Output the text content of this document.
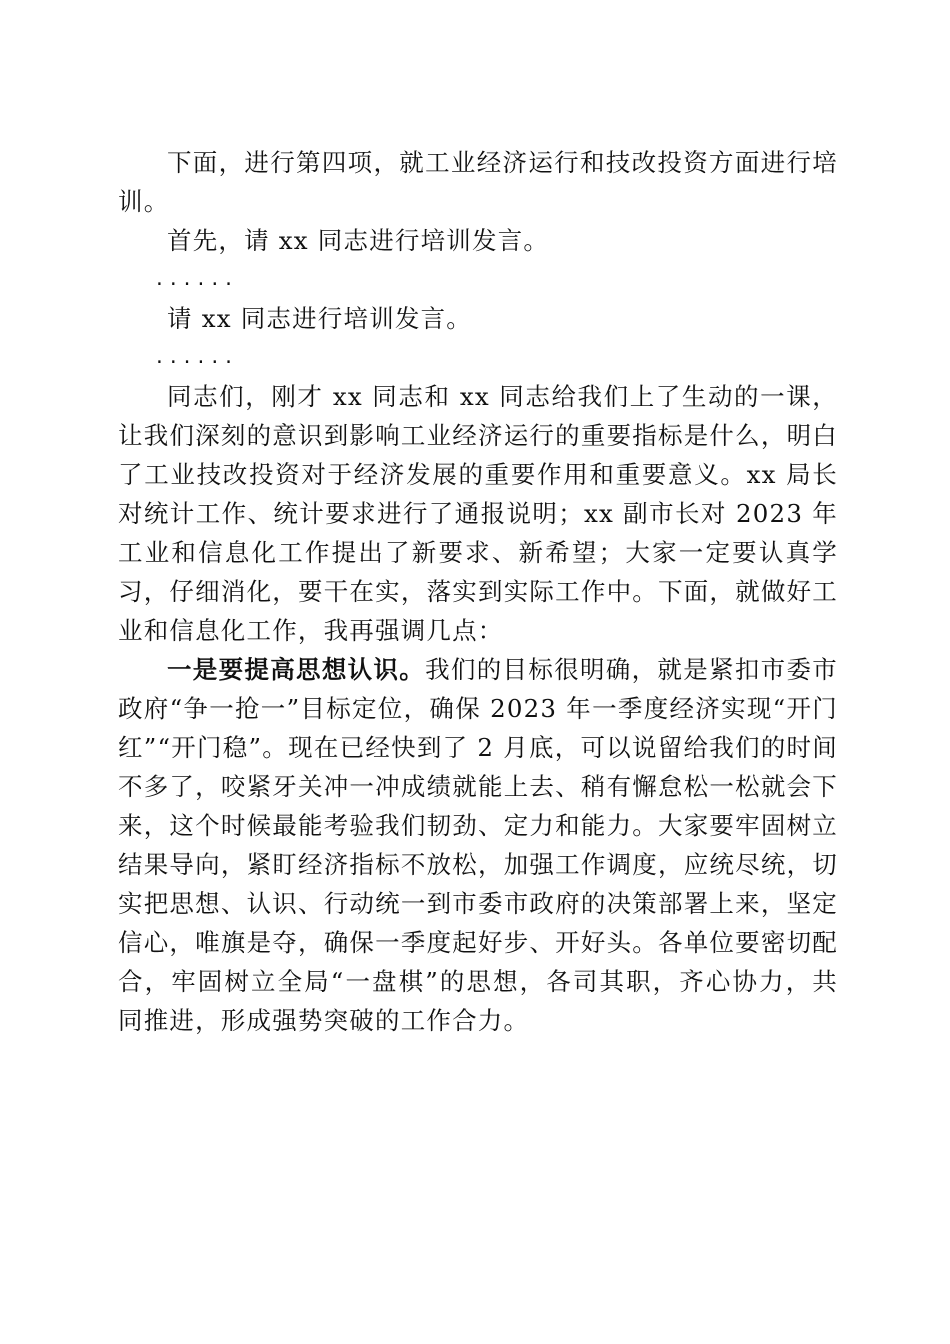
下面，进行第四项，就工业经济运行和技改投资方面进行培训。

首先，请 xx 同志进行培训发言。

......

请 xx 同志进行培训发言。

......

同志们，刚才 xx 同志和 xx 同志给我们上了生动的一课，让我们深刻的意识到影响工业经济运行的重要指标是什么，明白了工业技改投资对于经济发展的重要作用和重要意义。xx 局长对统计工作、统计要求进行了通报说明；xx 副市长对 2023 年工业和信息化工作提出了新要求、新希望；大家一定要认真学习，仔细消化，要干在实，落实到实际工作中。下面，就做好工业和信息化工作，我再强调几点：

一是要提高思想认识。我们的目标很明确，就是紧扣市委市政府“争一抢一”目标定位，确保 2023 年一季度经济实现“开门红”“开门稳”。现在已经快到了 2 月底，可以说留给我们的时间不多了，咬紧牙关冲一冲成绩就能上去、稍有懈怠松一松就会下来，这个时候最能考验我们韧劲、定力和能力。大家要牢固树立结果导向，紧盯经济指标不放松，加强工作调度，应统尽统，切实把思想、认识、行动统一到市委市政府的决策部署上来，坚定信心，唯旗是夺，确保一季度起好步、开好头。各单位要密切配合，牢固树立全局“一盘棋”的思想，各司其职，齐心协力，共同推进，形成强势突破的工作合力。
